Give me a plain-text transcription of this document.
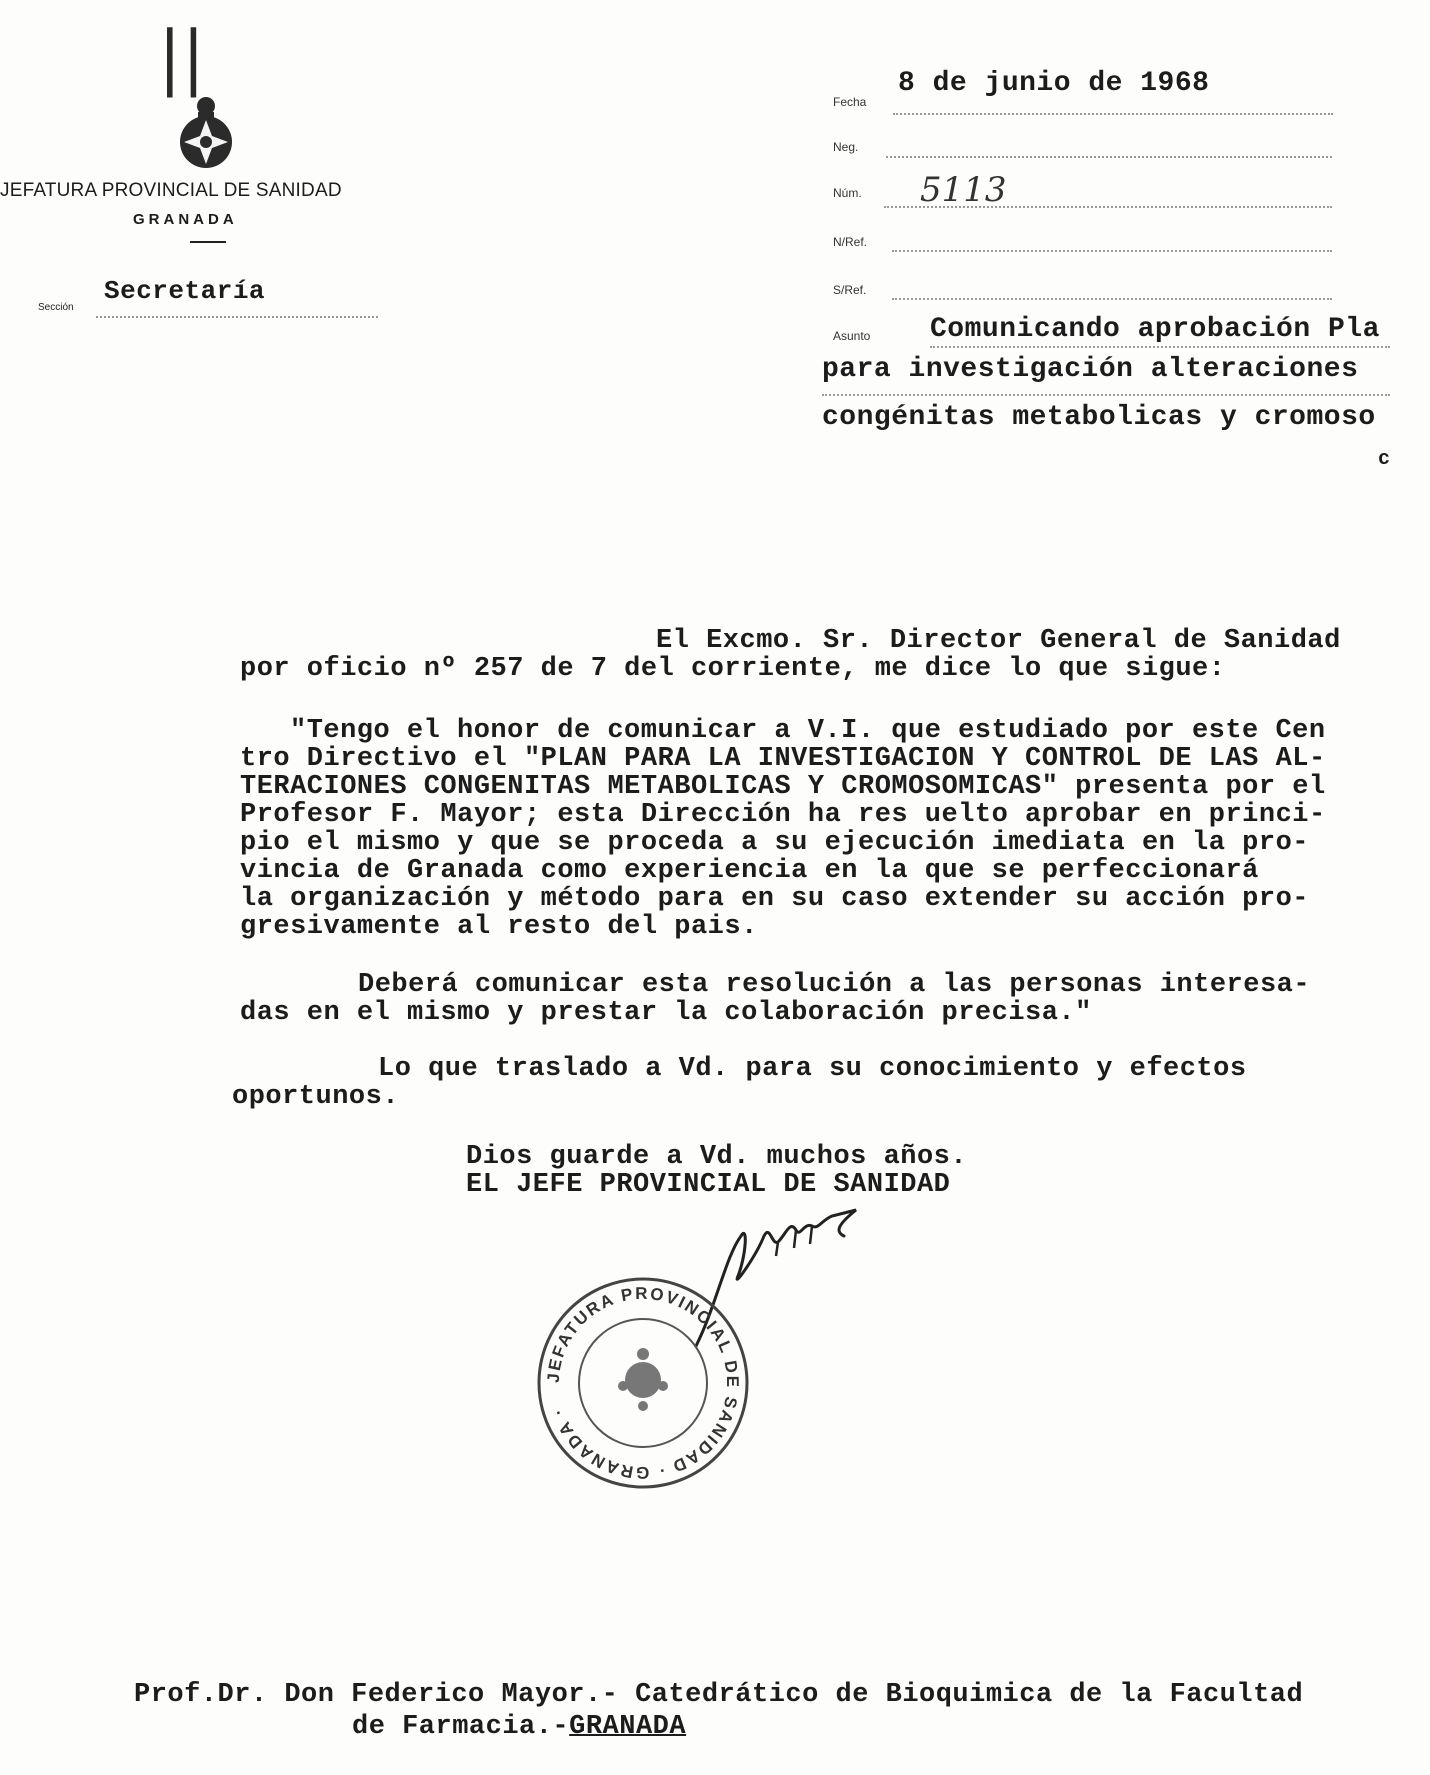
||
JEFATURA PROVINCIAL DE SANIDAD
GRANADA
Sección
Secretaría
Fecha
8 de junio de 1968
Neg.
Núm. 5113
N/Ref.
S/Ref.
Asunto Comunicando aprobación Pla
para investigación alteraciones
congénitas metabolicas y cromoso
c
El Excmo. Sr. Director General de Sanidad
por oficio nº 257 de 7 del corriente, me dice lo que sigue:
"Tengo el honor de comunicar a V.I. que estudiado por este Cen
tro Directivo el "PLAN PARA LA INVESTIGACION Y CONTROL DE LAS AL-
TERACIONES CONGENITAS METABOLICAS Y CROMOSOMICAS" presenta por el
Profesor F. Mayor; esta Dirección ha res uelto aprobar en princi-
pio el mismo y que se proceda a su ejecución imediata en la pro-
vincia de Granada como experiencia en la que se perfeccionará
la organización y método para en su caso extender su acción pro-
gresivamente al resto del pais.
Deberá comunicar esta resolución a las personas interesa-
das en el mismo y prestar la colaboración precisa."
Lo que traslado a Vd. para su conocimiento y efectos
oportunos.
Dios guarde a Vd. muchos años.
EL JEFE PROVINCIAL DE SANIDAD
JEFATURA PROVINCIAL DE SANIDAD · GRANADA ·
Prof.Dr. Don Federico Mayor.- Catedrático de Bioquimica de la Facultad
de Farmacia.-GRANADA
